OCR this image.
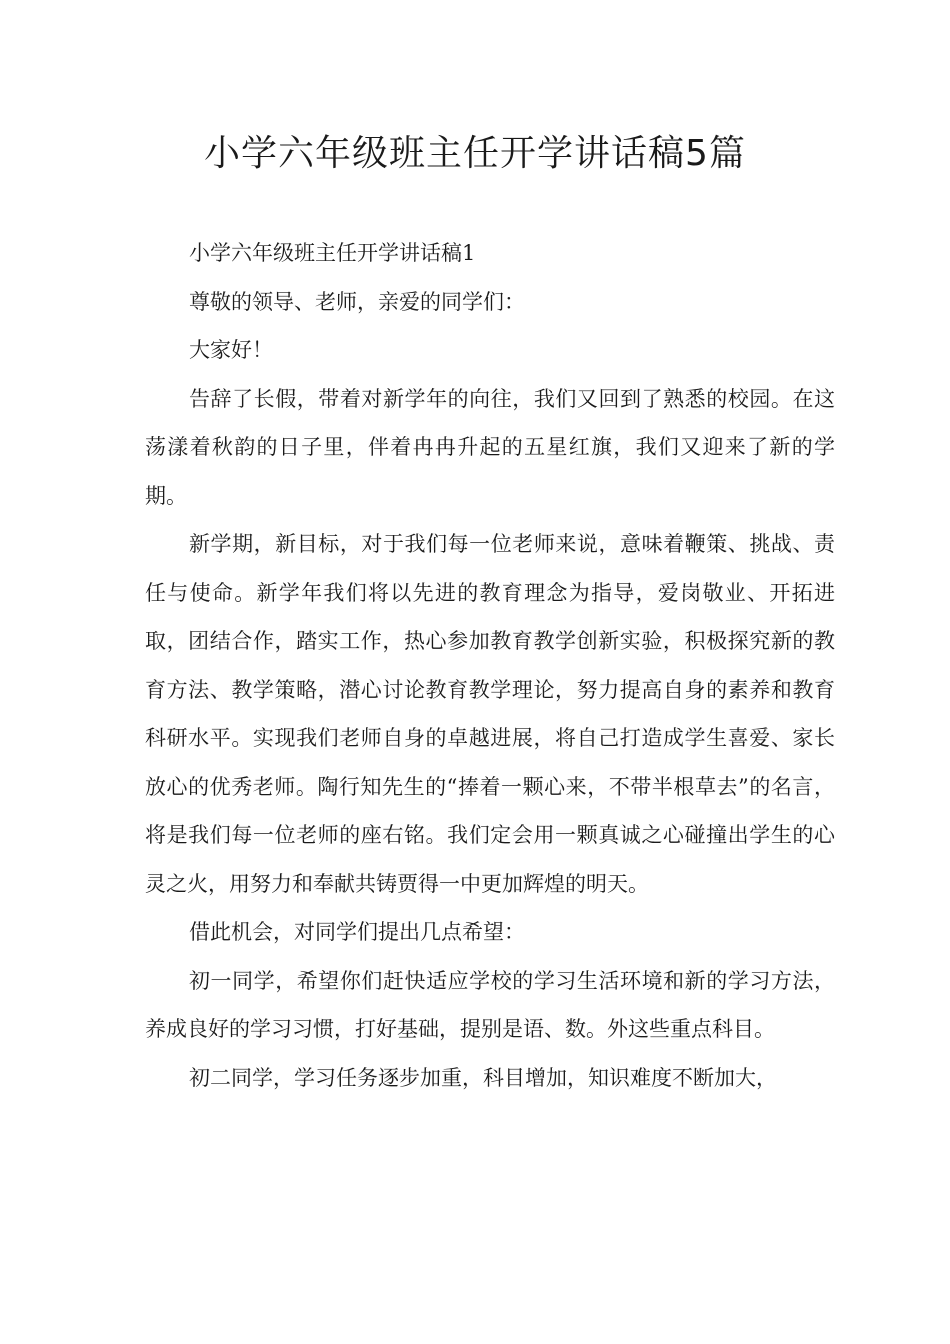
小学六年级班主任开学讲话稿5篇

小学六年级班主任开学讲话稿1

尊敬的领导、老师，亲爱的同学们：

大家好！

告辞了长假，带着对新学年的向往，我们又回到了熟悉的校园。在这荡漾着秋韵的日子里，伴着冉冉升起的五星红旗，我们又迎来了新的学期。

新学期，新目标，对于我们每一位老师来说，意味着鞭策、挑战、责任与使命。新学年我们将以先进的教育理念为指导，爱岗敬业、开拓进取，团结合作，踏实工作，热心参加教育教学创新实验，积极探究新的教育方法、教学策略，潜心讨论教育教学理论，努力提高自身的素养和教育科研水平。实现我们老师自身的卓越进展，将自己打造成学生喜爱、家长放心的优秀老师。陶行知先生的“捧着一颗心来，不带半根草去”的名言，将是我们每一位老师的座右铭。我们定会用一颗真诚之心碰撞出学生的心灵之火，用努力和奉献共铸贾得一中更加辉煌的明天。

借此机会，对同学们提出几点希望：

初一同学，希望你们赶快适应学校的学习生活环境和新的学习方法，养成良好的学习习惯，打好基础，提别是语、数。外这些重点科目。

初二同学，学习任务逐步加重，科目增加，知识难度不断加大，
